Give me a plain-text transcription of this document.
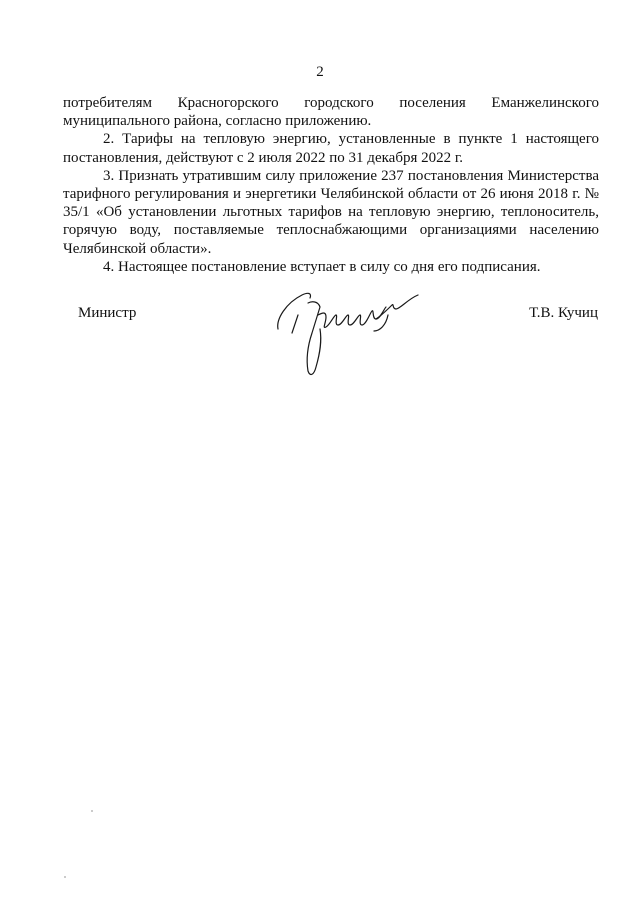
2

потребителям Красногорского городского поселения Еманжелинского муниципального района, согласно приложению.

2. Тарифы на тепловую энергию, установленные в пункте 1 настоящего постановления, действуют с 2 июля 2022 по 31 декабря 2022 г.

3. Признать утратившим силу приложение 237 постановления Министерства тарифного регулирования и энергетики Челябинской области от 26 июня 2018 г. № 35/1 «Об установлении льготных тарифов на тепловую энергию, теплоноситель, горячую воду, поставляемые теплоснабжающими организациями населению Челябинской области».

4. Настоящее постановление вступает в силу со дня его подписания.

Министр	Т.В. Кучиц
